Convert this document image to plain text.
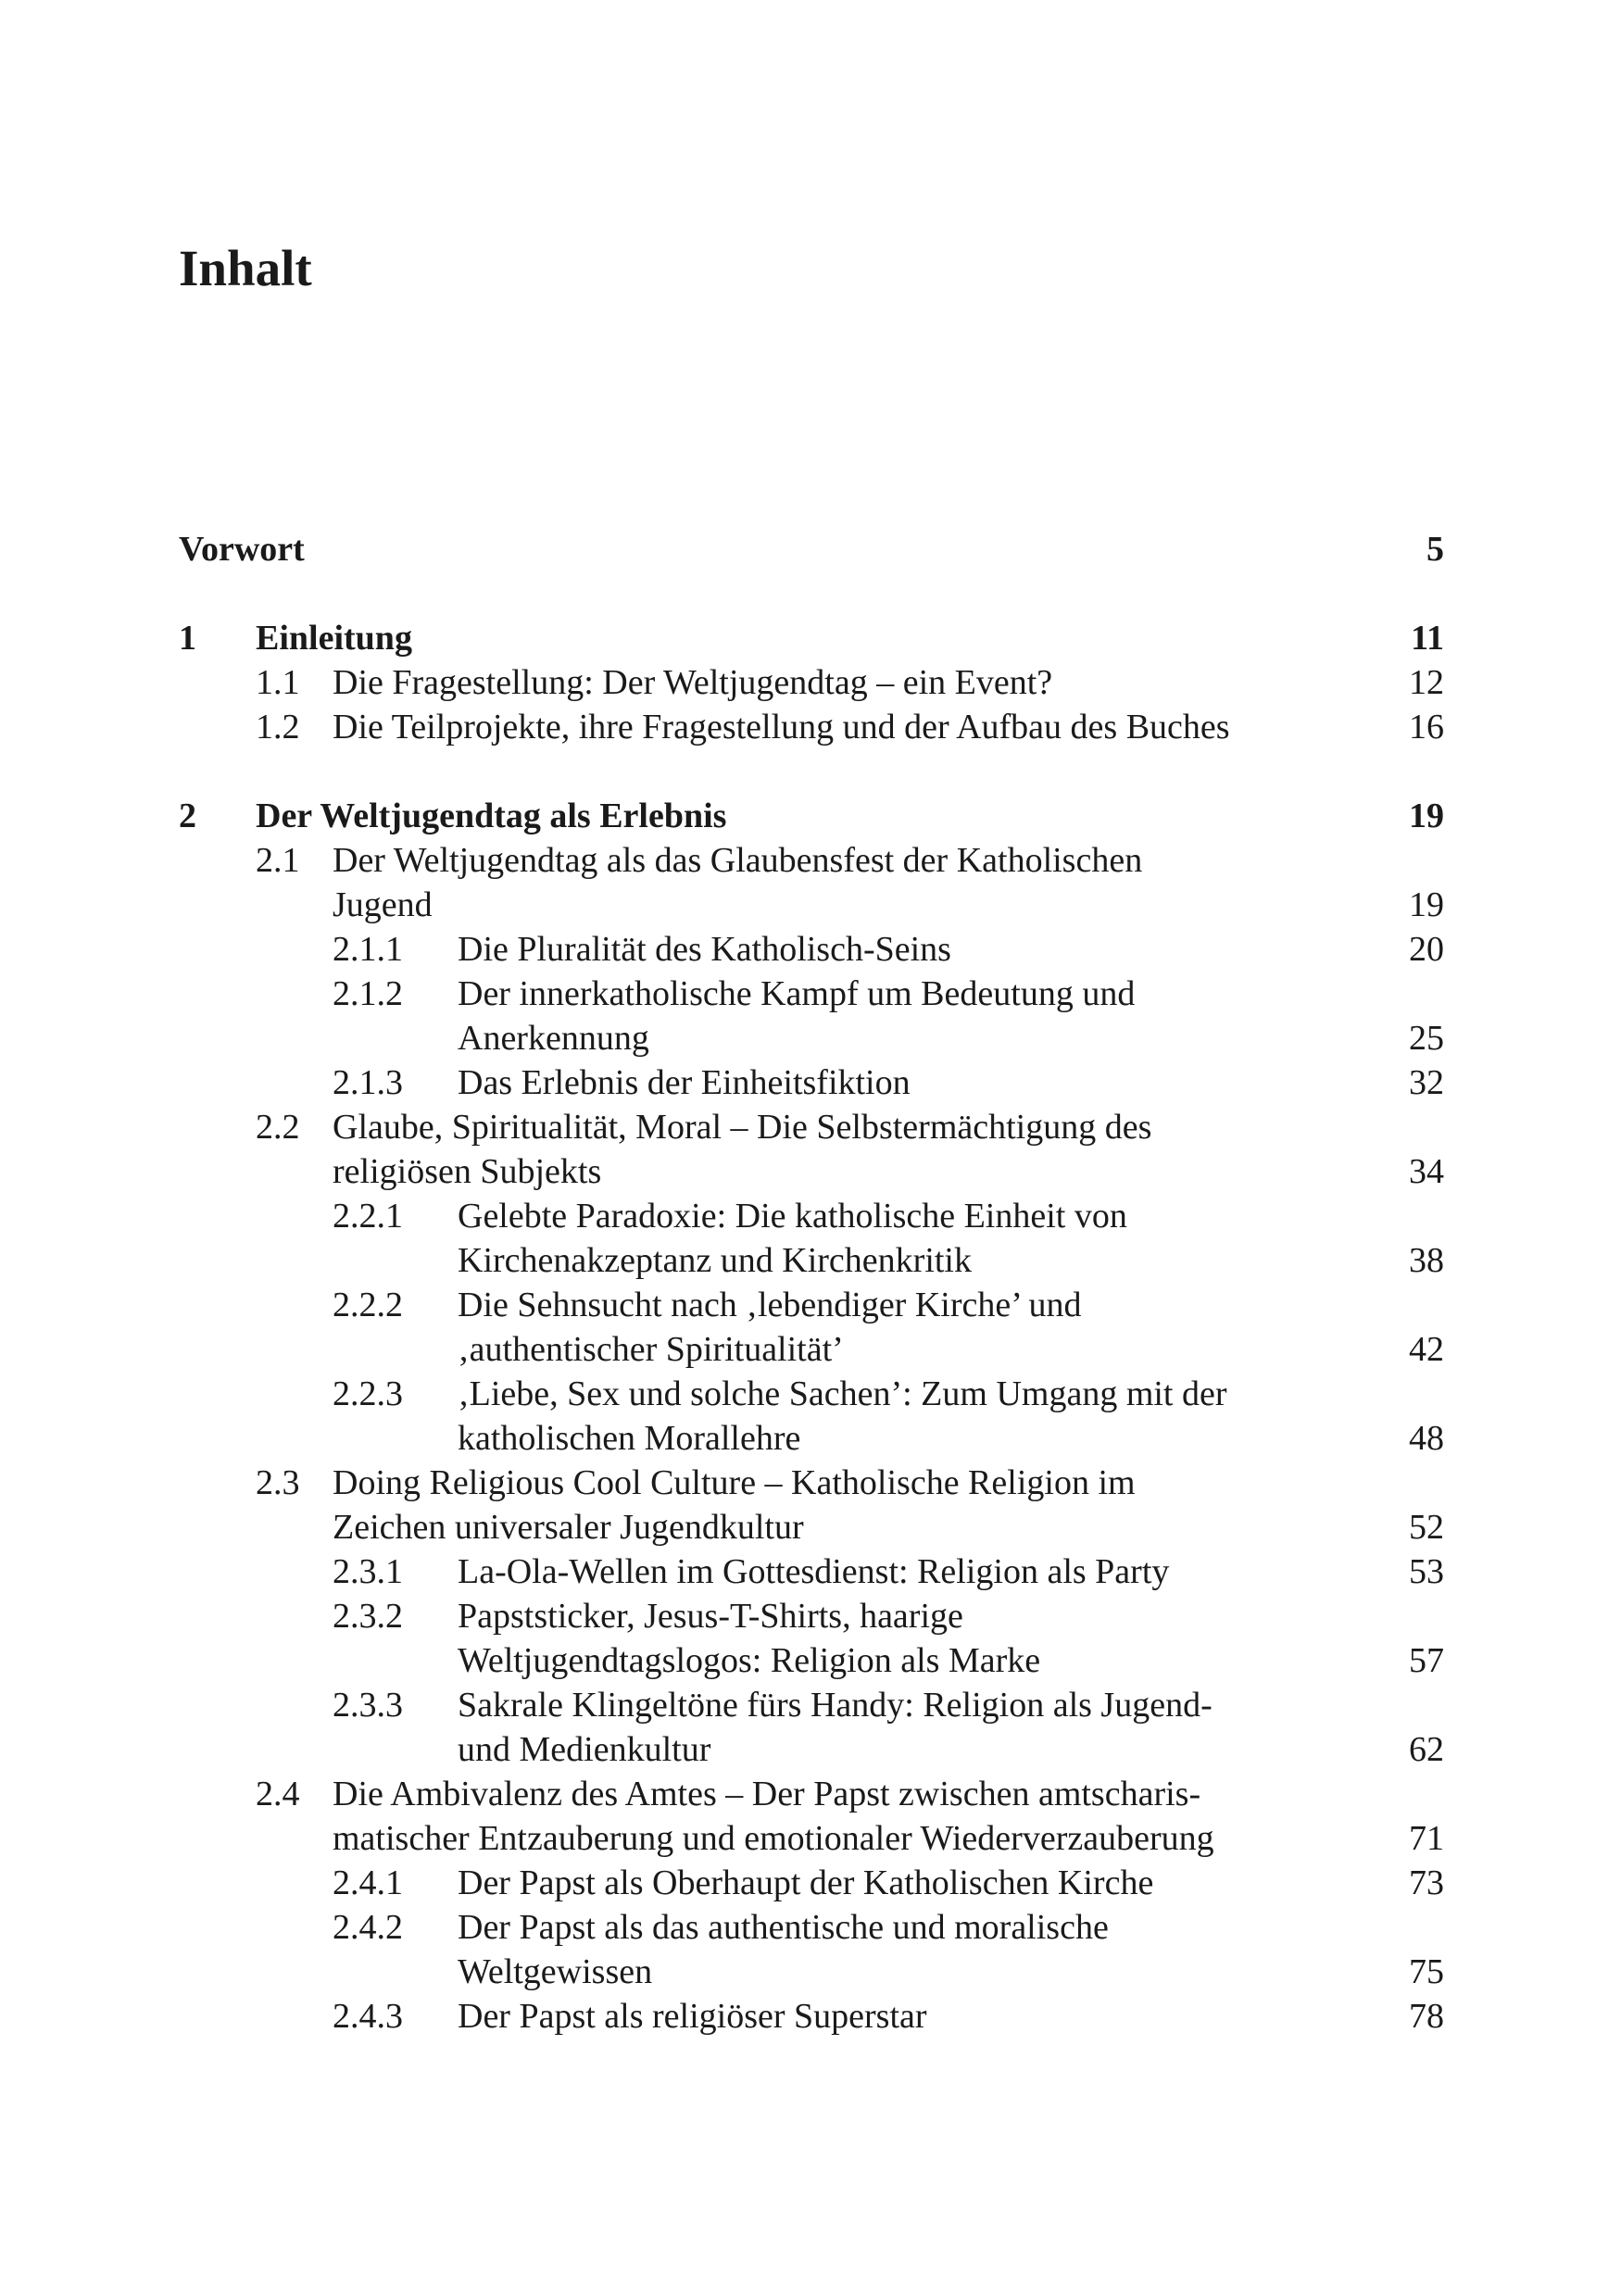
Inhalt
Vorwort	5
1 Einleitung	11
1.1 Die Fragestellung: Der Weltjugendtag – ein Event?	12
1.2 Die Teilprojekte, ihre Fragestellung und der Aufbau des Buches	16
2 Der Weltjugendtag als Erlebnis	19
2.1 Der Weltjugendtag als das Glaubensfest der Katholischen
Jugend	19
2.1.1 Die Pluralität des Katholisch-Seins	20
2.1.2 Der innerkatholische Kampf um Bedeutung und
Anerkennung	25
2.1.3 Das Erlebnis der Einheitsfiktion	32
2.2 Glaube, Spiritualität, Moral – Die Selbstermächtigung des
religiösen Subjekts	34
2.2.1 Gelebte Paradoxie: Die katholische Einheit von
Kirchenakzeptanz und Kirchenkritik	38
2.2.2 Die Sehnsucht nach ‚lebendiger Kirche’ und
‚authentischer Spiritualität’	42
2.2.3 ‚Liebe, Sex und solche Sachen’: Zum Umgang mit der
katholischen Morallehre	48
2.3 Doing Religious Cool Culture – Katholische Religion im
Zeichen universaler Jugendkultur	52
2.3.1 La-Ola-Wellen im Gottesdienst: Religion als Party	53
2.3.2 Papststicker, Jesus-T-Shirts, haarige
Weltjugendtagslogos: Religion als Marke	57
2.3.3 Sakrale Klingeltöne fürs Handy: Religion als Jugend-
und Medienkultur	62
2.4 Die Ambivalenz des Amtes – Der Papst zwischen amtscharis-
matischer Entzauberung und emotionaler Wiederverzauberung	71
2.4.1 Der Papst als Oberhaupt der Katholischen Kirche	73
2.4.2 Der Papst als das authentische und moralische
Weltgewissen	75
2.4.3 Der Papst als religiöser Superstar	78
